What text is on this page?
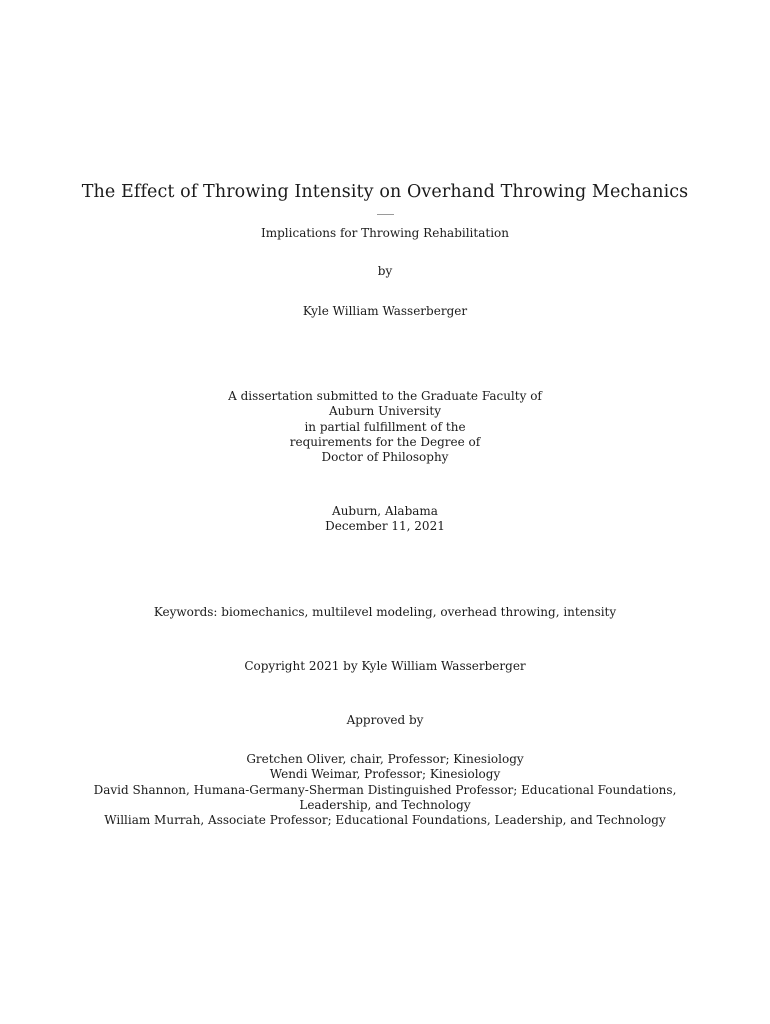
The Effect of Throwing Intensity on Overhand Throwing Mechanics
Implications for Throwing Rehabilitation
by
Kyle William Wasserberger
A dissertation submitted to the Graduate Faculty of
Auburn University
in partial fulfillment of the
requirements for the Degree of
Doctor of Philosophy
Auburn, Alabama
December 11, 2021
Keywords: biomechanics, multilevel modeling, overhead throwing, intensity
Copyright 2021 by Kyle William Wasserberger
Approved by
Gretchen Oliver, chair, Professor; Kinesiology
Wendi Weimar, Professor; Kinesiology
David Shannon, Humana-Germany-Sherman Distinguished Professor; Educational Foundations,
Leadership, and Technology
William Murrah, Associate Professor; Educational Foundations, Leadership, and Technology
